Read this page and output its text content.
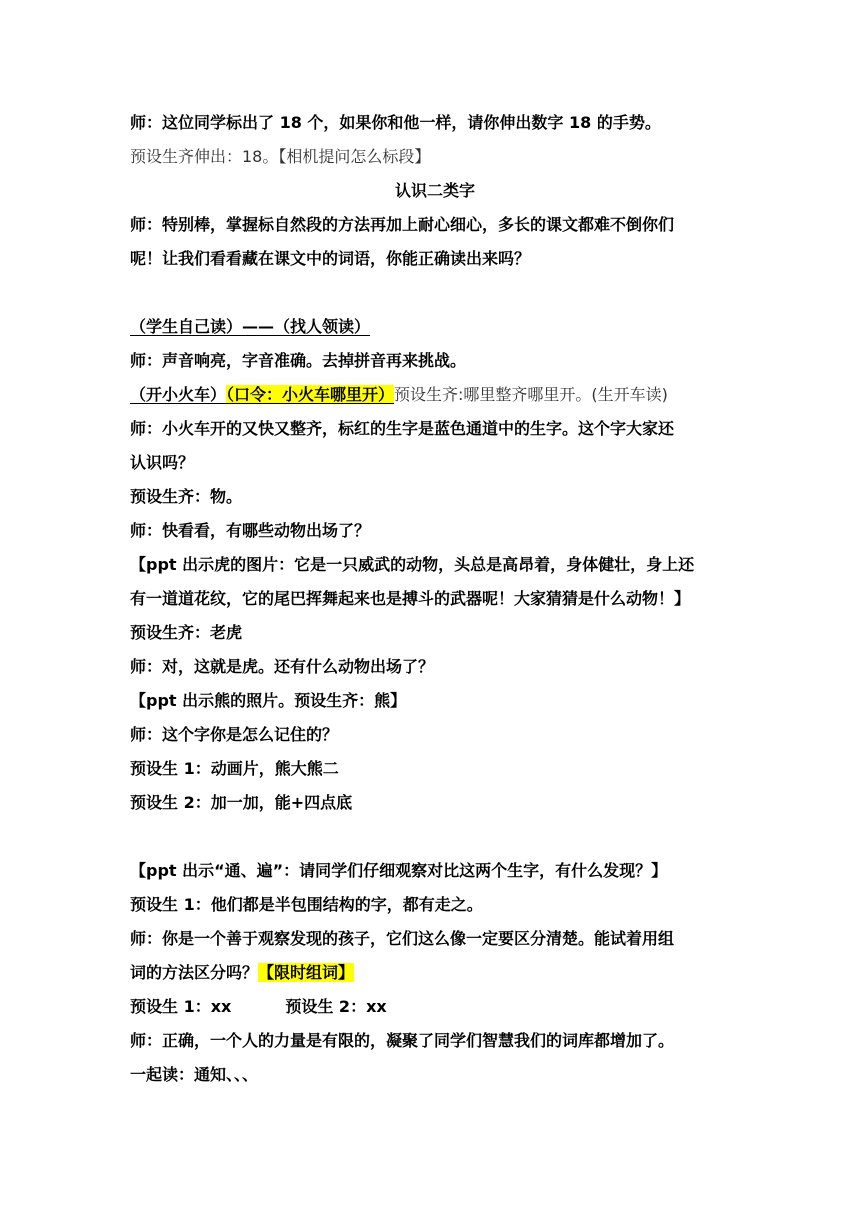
师：这位同学标出了 18 个，如果你和他一样，请你伸出数字 18 的手势。
预设生齐伸出：18。【相机提问怎么标段】
认识二类字
师：特别棒，掌握标自然段的方法再加上耐心细心，多长的课文都难不倒你们
呢！让我们看看藏在课文中的词语，你能正确读出来吗？
（学生自己读）——（找人领读）
师：声音响亮，字音准确。去掉拼音再来挑战。
（开小火车）（口令：小火车哪里开）预设生齐:哪里整齐哪里开。(生开车读)
师：小火车开的又快又整齐，标红的生字是蓝色通道中的生字。这个字大家还
认识吗？
预设生齐：物。
师：快看看，有哪些动物出场了？
【ppt 出示虎的图片：它是一只威武的动物，头总是高昂着，身体健壮，身上还
有一道道花纹，它的尾巴挥舞起来也是搏斗的武器呢！大家猜猜是什么动物！】
预设生齐：老虎
师：对，这就是虎。还有什么动物出场了？
【ppt 出示熊的照片。预设生齐：熊】
师：这个字你是怎么记住的？
预设生 1：动画片，熊大熊二
预设生 2：加一加，能+四点底
【ppt 出示“通、遍”：请同学们仔细观察对比这两个生字，有什么发现？】
预设生 1：他们都是半包围结构的字，都有走之。
师：你是一个善于观察发现的孩子，它们这么像一定要区分清楚。能试着用组
词的方法区分吗？【限时组词】
预设生 1：xx	预设生 2：xx
师：正确，一个人的力量是有限的，凝聚了同学们智慧我们的词库都增加了。
一起读：通知、、、
